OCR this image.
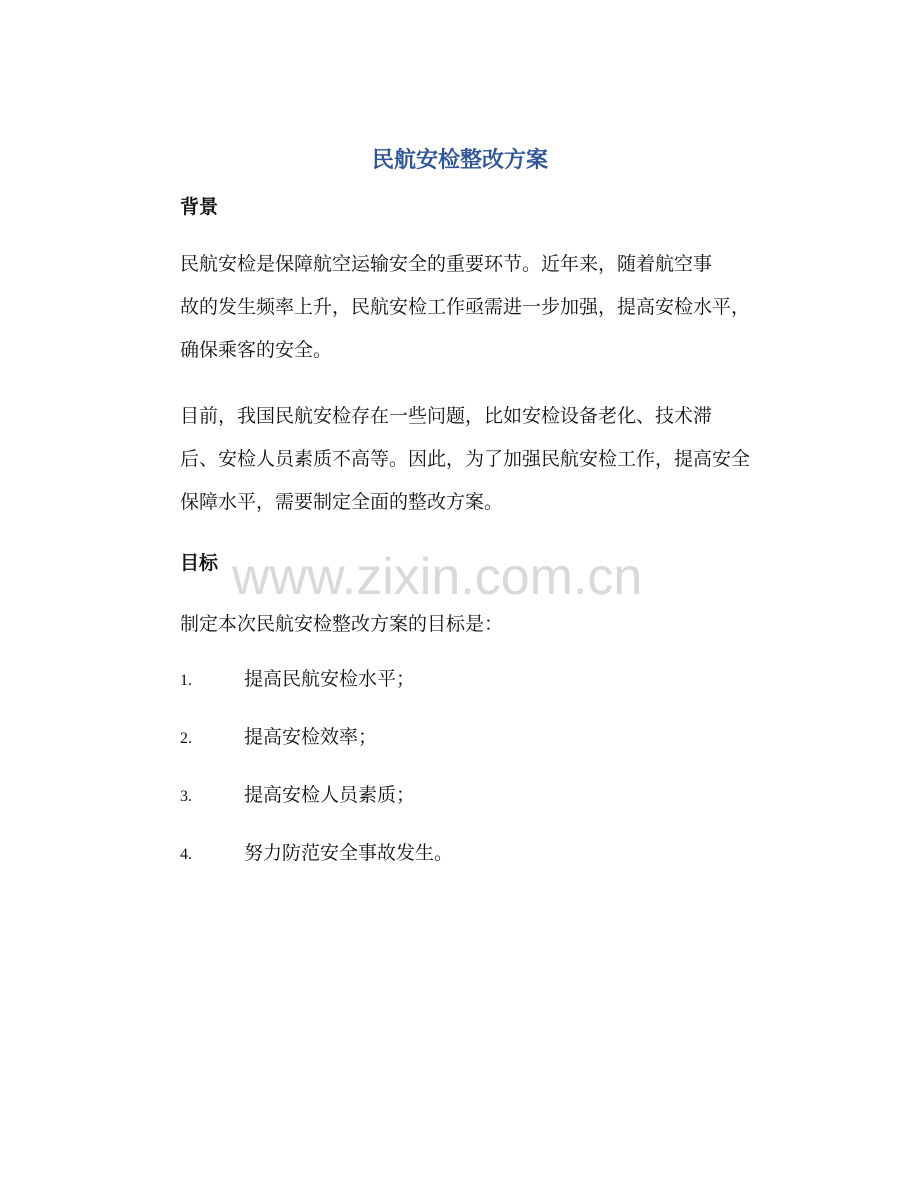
民航安检整改方案
背景
民航安检是保障航空运输安全的重要环节。近年来，随着航空事
故的发生频率上升，民航安检工作亟需进一步加强，提高安检水平，
确保乘客的安全。
目前，我国民航安检存在一些问题，比如安检设备老化、技术滞
后、安检人员素质不高等。因此，为了加强民航安检工作，提高安全
保障水平，需要制定全面的整改方案。
目标
制定本次民航安检整改方案的目标是：
1.	提高民航安检水平；
2.	提高安检效率；
3.	提高安检人员素质；
4.	努力防范安全事故发生。
www.zixin.com.cn
